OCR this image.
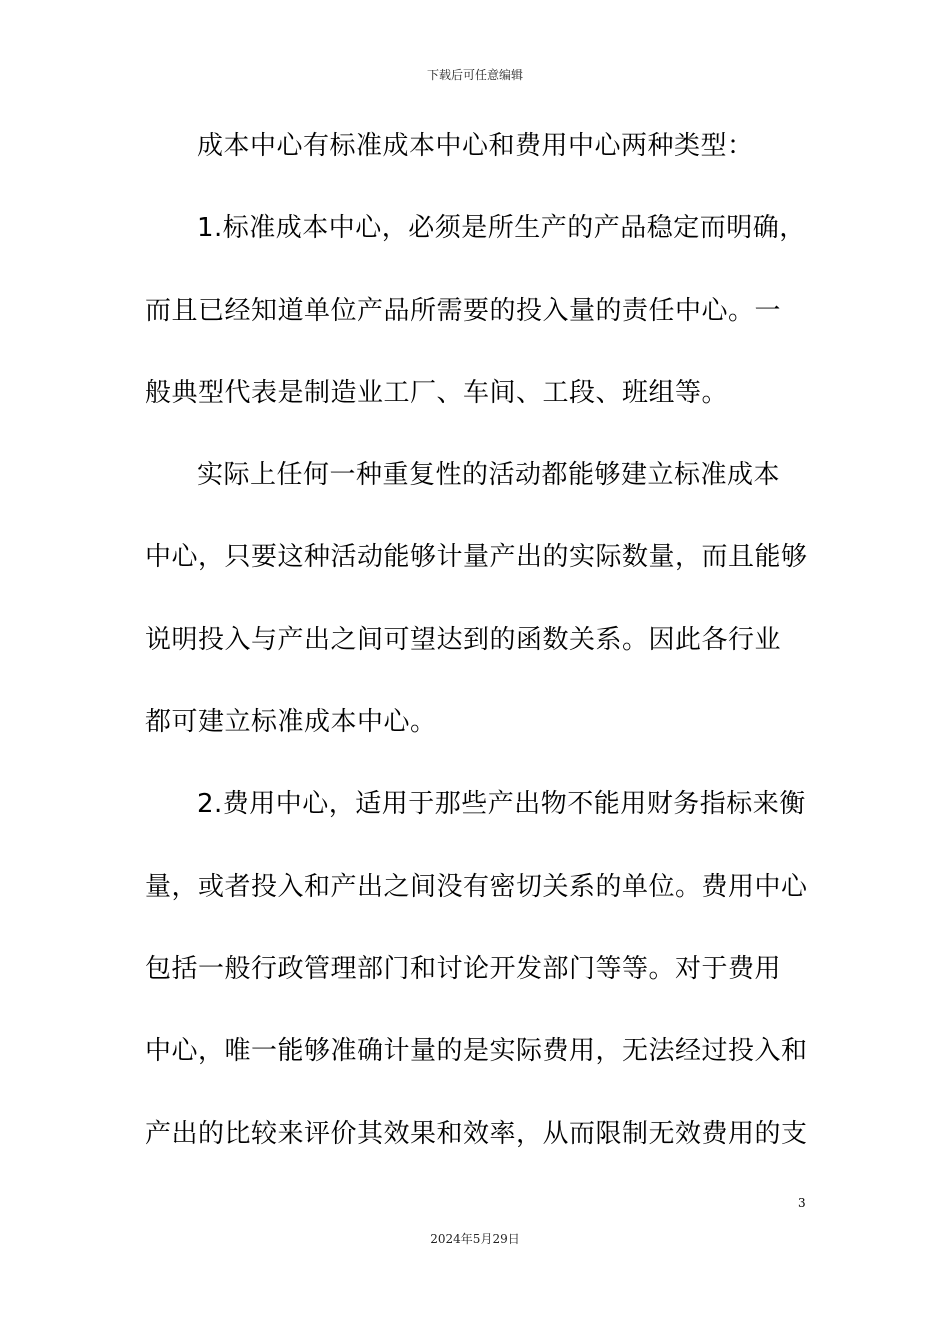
下载后可任意编辑
成本中心有标准成本中心和费用中心两种类型：
1.标准成本中心，必须是所生产的产品稳定而明确，
而且已经知道单位产品所需要的投入量的责任中心。一
般典型代表是制造业工厂、车间、工段、班组等。
实际上任何一种重复性的活动都能够建立标准成本
中心，只要这种活动能够计量产出的实际数量，而且能够
说明投入与产出之间可望达到的函数关系。因此各行业
都可建立标准成本中心。
2.费用中心，适用于那些产出物不能用财务指标来衡
量，或者投入和产出之间没有密切关系的单位。费用中心
包括一般行政管理部门和讨论开发部门等等。对于费用
中心，唯一能够准确计量的是实际费用，无法经过投入和
产出的比较来评价其效果和效率，从而限制无效费用的支
3
2024年5月29日
